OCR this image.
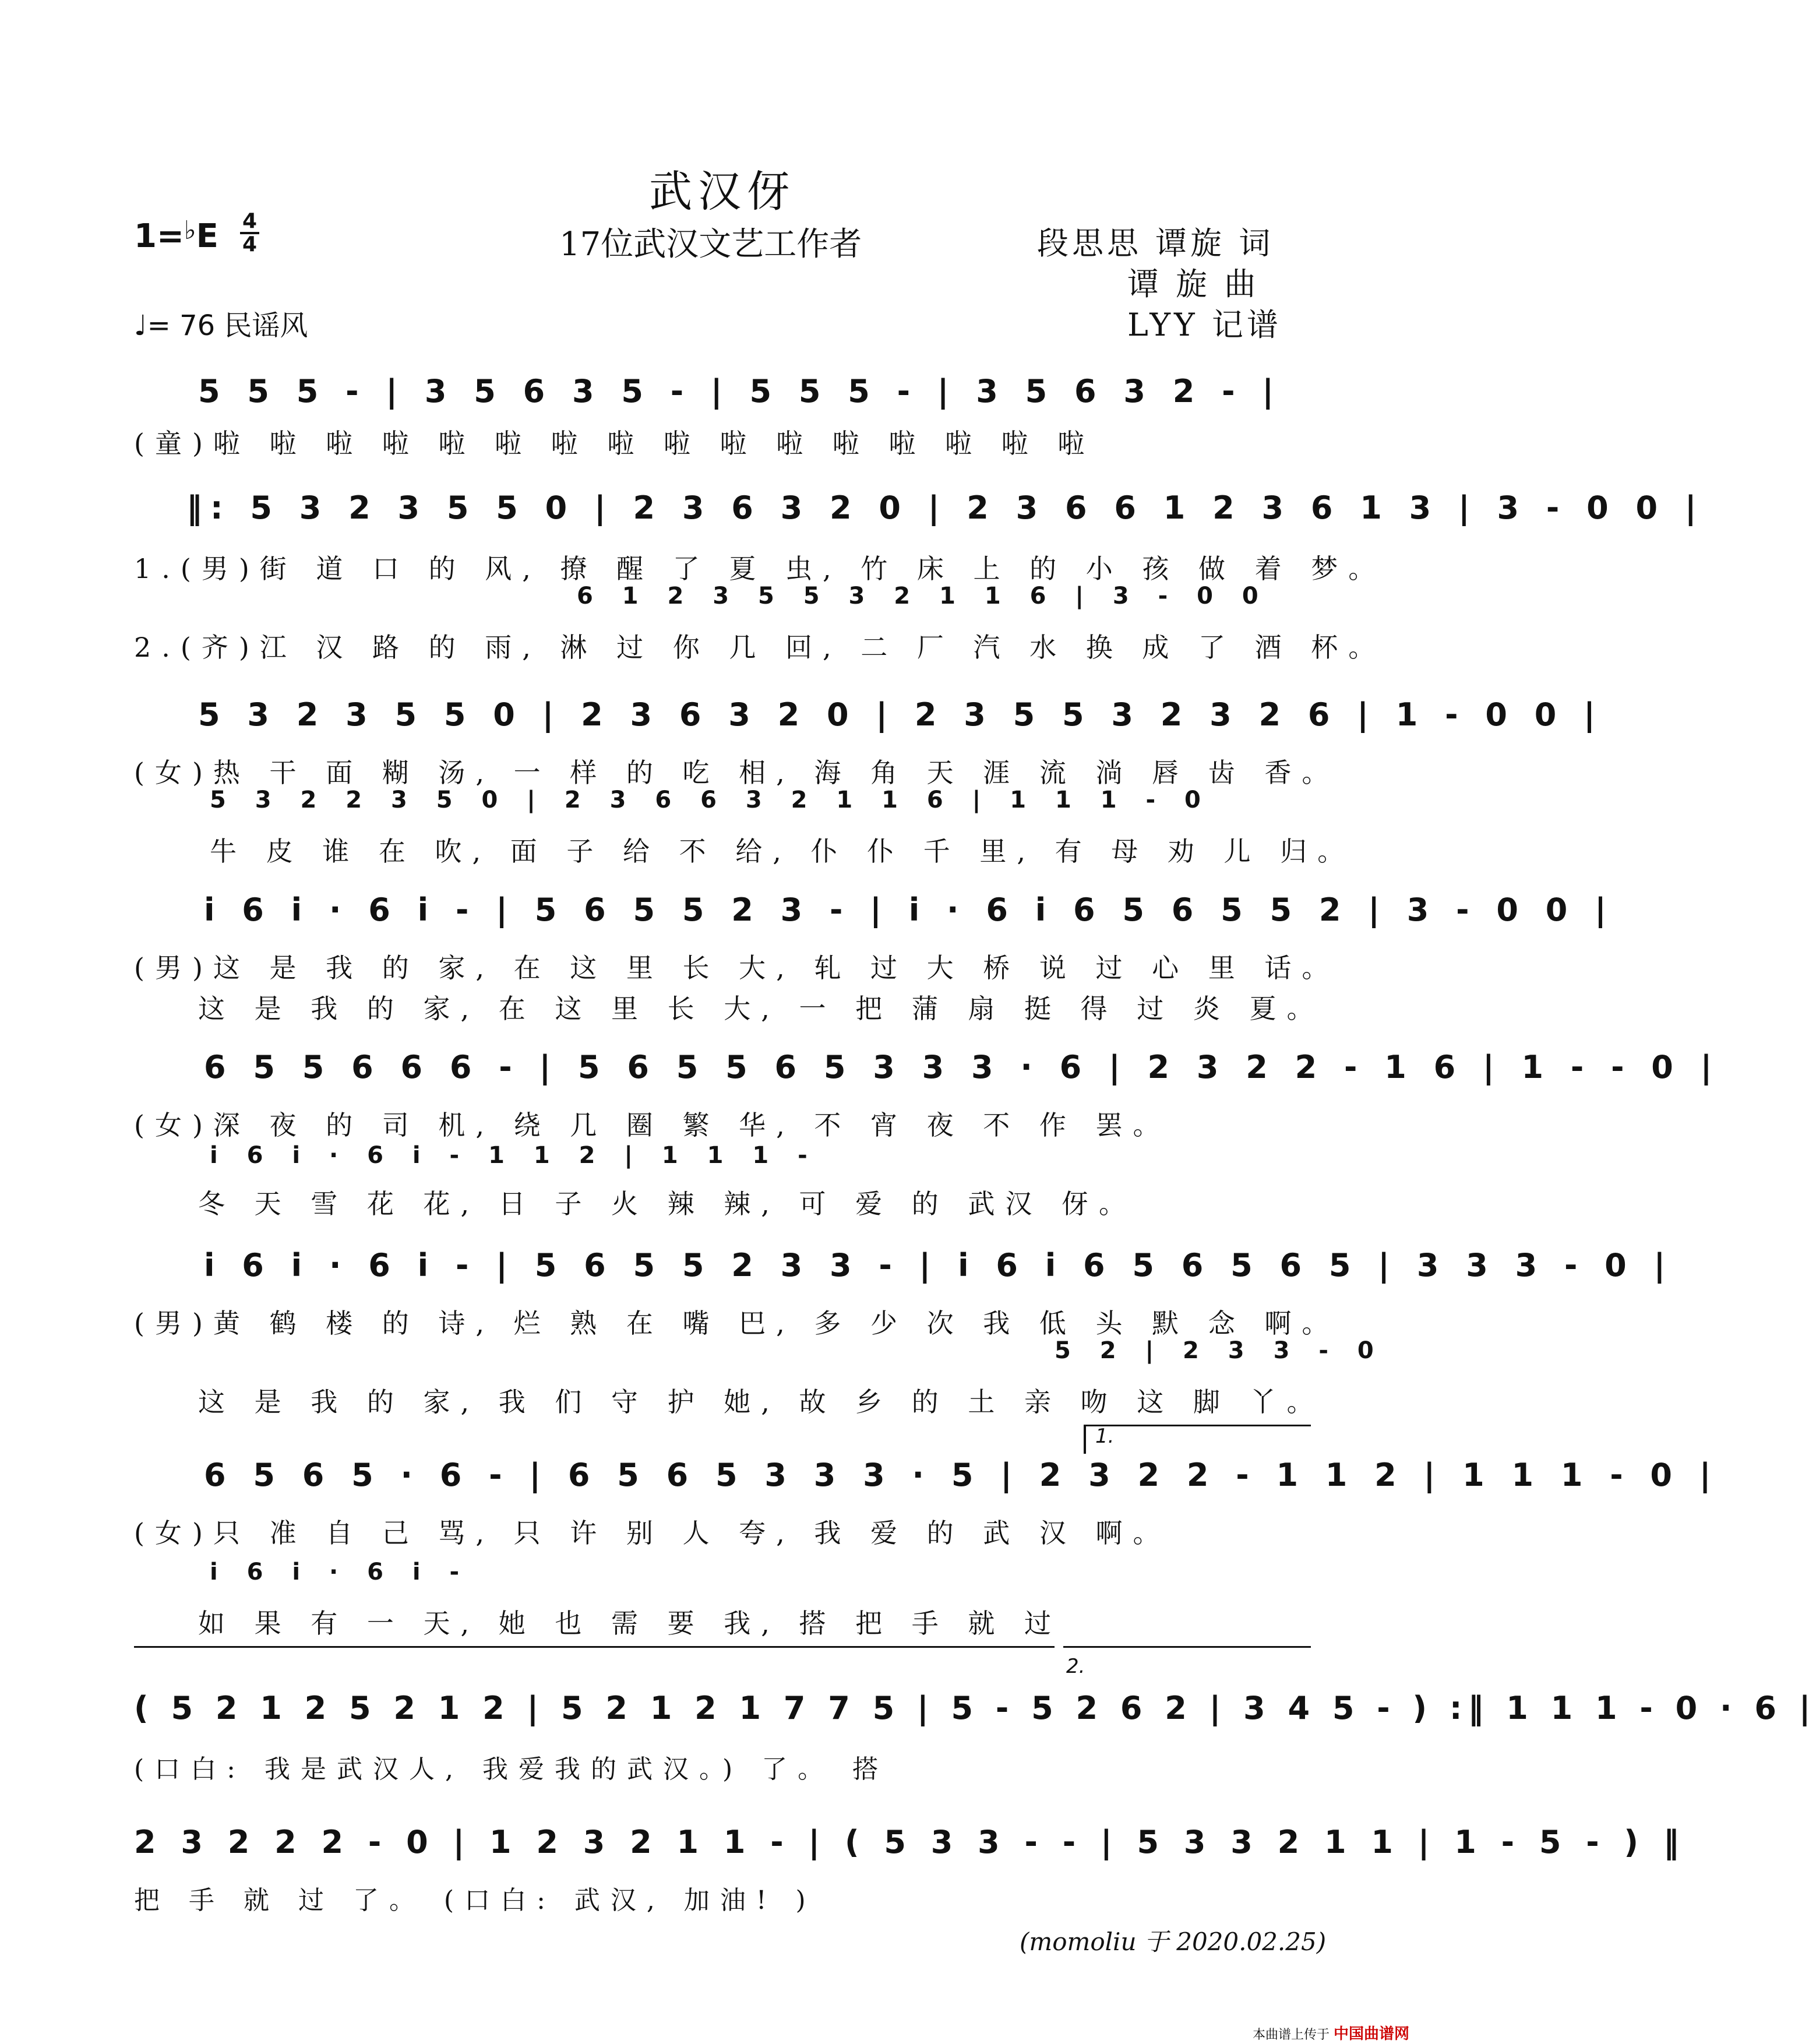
武汉伢
1=♭E 4
4	17位武汉文艺工作者	段思思 谭旋 词
谭 旋 曲
LYY 记谱
♩= 76 民谣风
5 5 5 - | 3 5 6 3 5 - | 5 5 5 - | 3 5 6 3 2 - |
(童)啦 啦 啦 啦 啦 啦 啦 啦 啦 啦 啦 啦 啦 啦 啦 啦
‖: 5 3 2 3 5 5 0 | 2 3 6 3 2 0 | 2 3 6 6 1 2 3 6 1 3 | 3 - 0 0 |
1.(男)街 道 口 的 风, 撩 醒 了 夏 虫, 竹 床 上 的 小 孩 做 着 梦。
6 1 2 3 5 5 3 2 1 1 6 | 3 - 0 0
2.(齐)江 汉 路 的 雨, 淋 过 你 几 回, 二 厂 汽 水 换 成 了 酒 杯。
5 3 2 3 5 5 0 | 2 3 6 3 2 0 | 2 3 5 5 3 2 3 2 6 | 1 - 0 0 |
(女)热 干 面 糊 汤, 一 样 的 吃 相, 海 角 天 涯 流 淌 唇 齿 香。
5 3 2 2 3 5 0 | 2 3 6 6 3 2 1 1 6 | 1 1 1 - 0
牛 皮 谁 在 吹, 面 子 给 不 给, 仆 仆 千 里, 有 母 劝 儿 归。
i 6 i · 6 i - | 5 6 5 5 2 3 - | i · 6 i 6 5 6 5 5 2 | 3 - 0 0 |
(男)这 是 我 的 家, 在 这 里 长 大, 轧 过 大 桥 说 过 心 里 话。
这 是 我 的 家, 在 这 里 长 大, 一 把 蒲 扇 挺 得 过 炎 夏。
6 5 5 6 6 6 - | 5 6 5 5 6 5 3 3 3 · 6 | 2 3 2 2 - 1 6 | 1 - - 0 |
(女)深 夜 的 司 机, 绕 几 圈 繁 华, 不 宵 夜 不 作 罢。
i 6 i · 6 i - 1 1 2 | 1 1 1 -
冬 天 雪 花 花, 日 子 火 辣 辣, 可 爱 的 武汉 伢。
i 6 i · 6 i - | 5 6 5 5 2 3 3 - | i 6 i 6 5 6 5 6 5 | 3 3 3 - 0 |
(男)黄 鹤 楼 的 诗, 烂 熟 在 嘴 巴, 多 少 次 我 低 头 默 念 啊。
5 2 | 2 3 3 - 0
这 是 我 的 家, 我 们 守 护 她, 故 乡 的 土 亲 吻 这 脚 丫。
1.
6 5 6 5 · 6 - | 6 5 6 5 3 3 3 · 5 | 2 3 2 2 - 1 1 2 | 1 1 1 - 0 |
(女)只 准 自 己 骂, 只 许 别 人 夸, 我 爱 的 武 汉 啊。
i 6 i · 6 i -
如 果 有 一 天, 她 也 需 要 我, 搭 把 手 就 过
2.
( 5 2 1 2 5 2 1 2 | 5 2 1 2 1 7 7 5 | 5 - 5 2 6 2 | 3 4 5 - ) :‖ 1 1 1 - 0 · 6 |
(口白: 我是武汉人, 我爱我的武汉。) 了。 搭
2 3 2 2 2 - 0 | 1 2 3 2 1 1 - | ( 5 3 3 - - | 5 3 3 2 1 1 | 1 - 5 - ) ‖
把 手 就 过 了。 (口白: 武汉, 加油! )
(momoliu 于 2020.02.25)
本曲谱上传于 中国曲谱网
